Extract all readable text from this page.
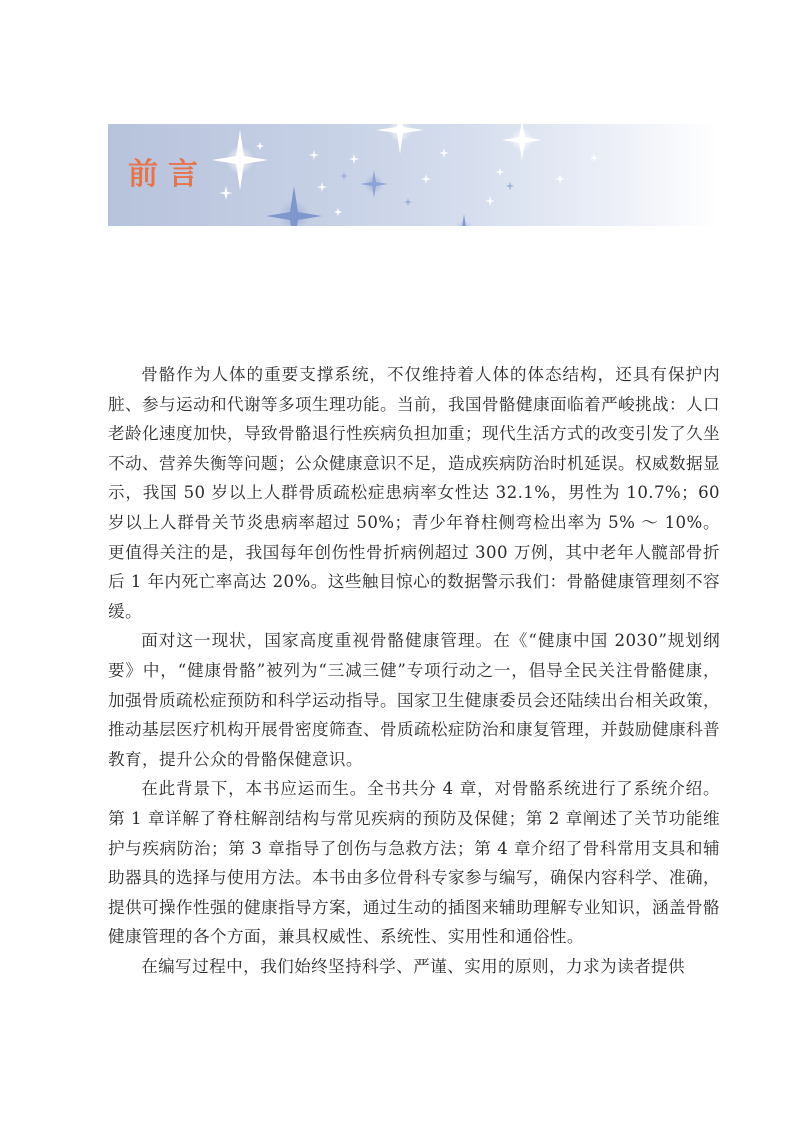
前言

骨骼作为人体的重要支撑系统，不仅维持着人体的体态结构，还具有保护内脏、参与运动和代谢等多项生理功能。当前，我国骨骼健康面临着严峻挑战：人口老龄化速度加快，导致骨骼退行性疾病负担加重；现代生活方式的改变引发了久坐不动、营养失衡等问题；公众健康意识不足，造成疾病防治时机延误。权威数据显示，我国 50 岁以上人群骨质疏松症患病率女性达 32.1%，男性为 10.7%；60 岁以上人群骨关节炎患病率超过 50%；青少年脊柱侧弯检出率为 5% ～ 10%。更值得关注的是，我国每年创伤性骨折病例超过 300 万例，其中老年人髋部骨折后 1 年内死亡率高达 20%。这些触目惊心的数据警示我们：骨骼健康管理刻不容缓。

面对这一现状，国家高度重视骨骼健康管理。在《“健康中国 2030”规划纲要》中，“健康骨骼”被列为“三减三健”专项行动之一，倡导全民关注骨骼健康，加强骨质疏松症预防和科学运动指导。国家卫生健康委员会还陆续出台相关政策，推动基层医疗机构开展骨密度筛查、骨质疏松症防治和康复管理，并鼓励健康科普教育，提升公众的骨骼保健意识。

在此背景下，本书应运而生。全书共分 4 章，对骨骼系统进行了系统介绍。第 1 章详解了脊柱解剖结构与常见疾病的预防及保健；第 2 章阐述了关节功能维护与疾病防治；第 3 章指导了创伤与急救方法；第 4 章介绍了骨科常用支具和辅助器具的选择与使用方法。本书由多位骨科专家参与编写，确保内容科学、准确，提供可操作性强的健康指导方案，通过生动的插图来辅助理解专业知识，涵盖骨骼健康管理的各个方面，兼具权威性、系统性、实用性和通俗性。

在编写过程中，我们始终坚持科学、严谨、实用的原则，力求为读者提供
